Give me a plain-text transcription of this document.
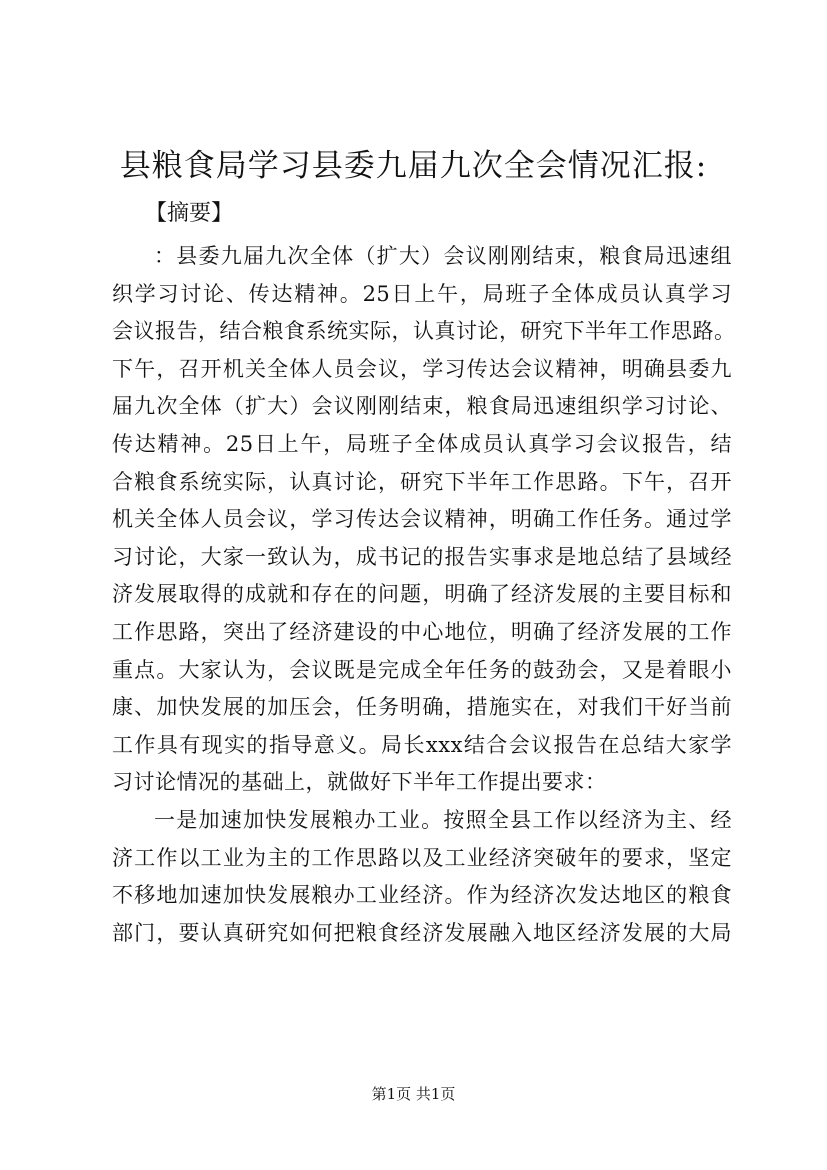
县粮食局学习县委九届九次全会情况汇报:

【摘要】

：县委九届九次全体（扩大）会议刚刚结束，粮食局迅速组
织学习讨论、传达精神。25日上午，局班子全体成员认真学习
会议报告，结合粮食系统实际，认真讨论，研究下半年工作思路。
下午，召开机关全体人员会议，学习传达会议精神，明确县委九
届九次全体（扩大）会议刚刚结束，粮食局迅速组织学习讨论、
传达精神。25日上午，局班子全体成员认真学习会议报告，结
合粮食系统实际，认真讨论，研究下半年工作思路。下午，召开
机关全体人员会议，学习传达会议精神，明确工作任务。通过学
习讨论，大家一致认为，成书记的报告实事求是地总结了县域经
济发展取得的成就和存在的问题，明确了经济发展的主要目标和
工作思路，突出了经济建设的中心地位，明确了经济发展的工作
重点。大家认为，会议既是完成全年任务的鼓劲会，又是着眼小
康、加快发展的加压会，任务明确，措施实在，对我们干好当前
工作具有现实的指导意义。局长xxx结合会议报告在总结大家学
习讨论情况的基础上，就做好下半年工作提出要求：
一是加速加快发展粮办工业。按照全县工作以经济为主、经
济工作以工业为主的工作思路以及工业经济突破年的要求，坚定
不移地加速加快发展粮办工业经济。作为经济次发达地区的粮食
部门，要认真研究如何把粮食经济发展融入地区经济发展的大局
第1页 共1页
